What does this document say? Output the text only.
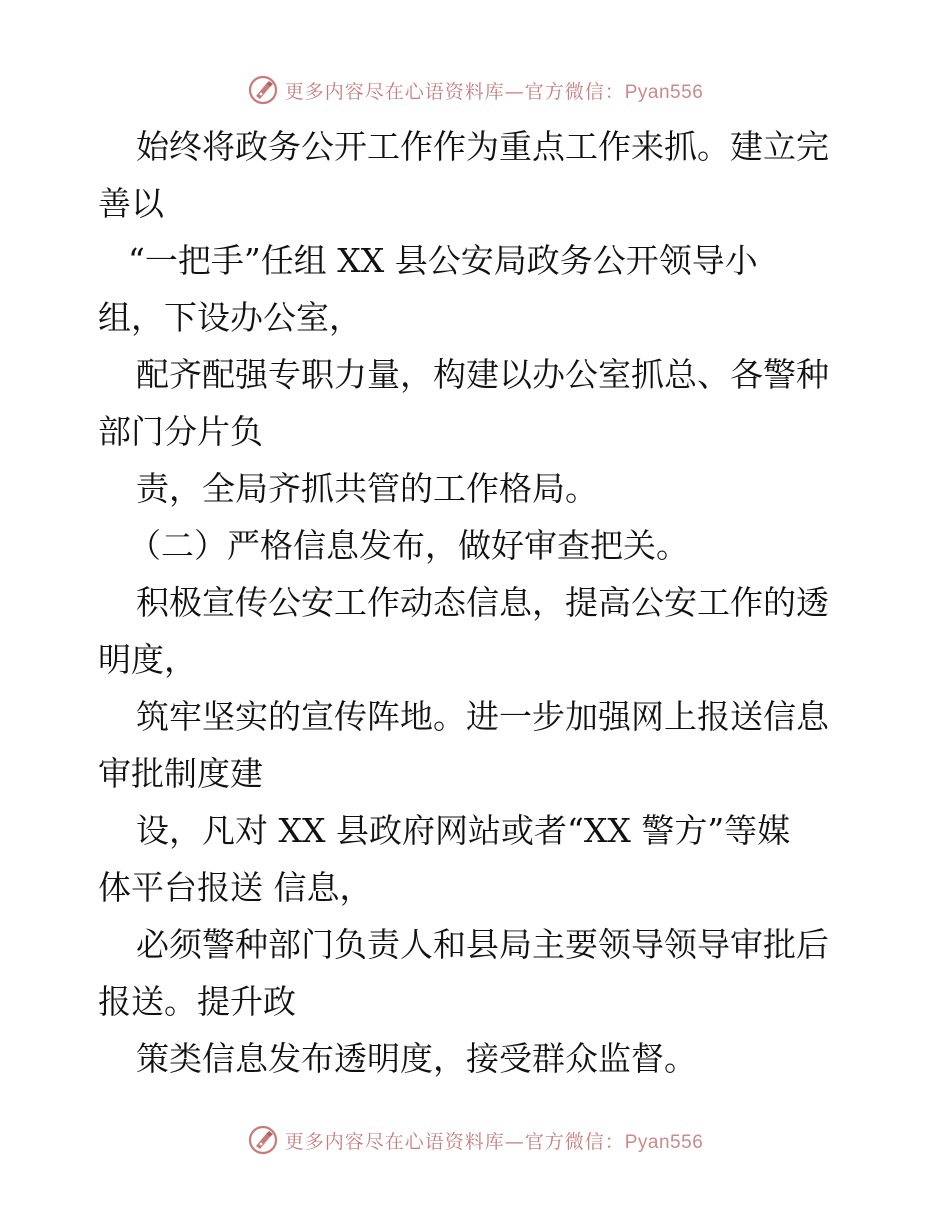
更多内容尽在心语资料库—官方微信：Pyan556
始终将政务公开工作作为重点工作来抓。建立完
善以
“一把手”任组 XX 县公安局政务公开领导小
组，下设办公室，
配齐配强专职力量，构建以办公室抓总、各警种
部门分片负
责，全局齐抓共管的工作格局。
（二）严格信息发布，做好审查把关。
积极宣传公安工作动态信息，提高公安工作的透
明度，
筑牢坚实的宣传阵地。进一步加强网上报送信息
审批制度建
设，凡对 XX 县政府网站或者“XX 警方”等媒
体平台报送 信息，
必须警种部门负责人和县局主要领导领导审批后
报送。提升政
策类信息发布透明度，接受群众监督。
更多内容尽在心语资料库—官方微信：Pyan556
